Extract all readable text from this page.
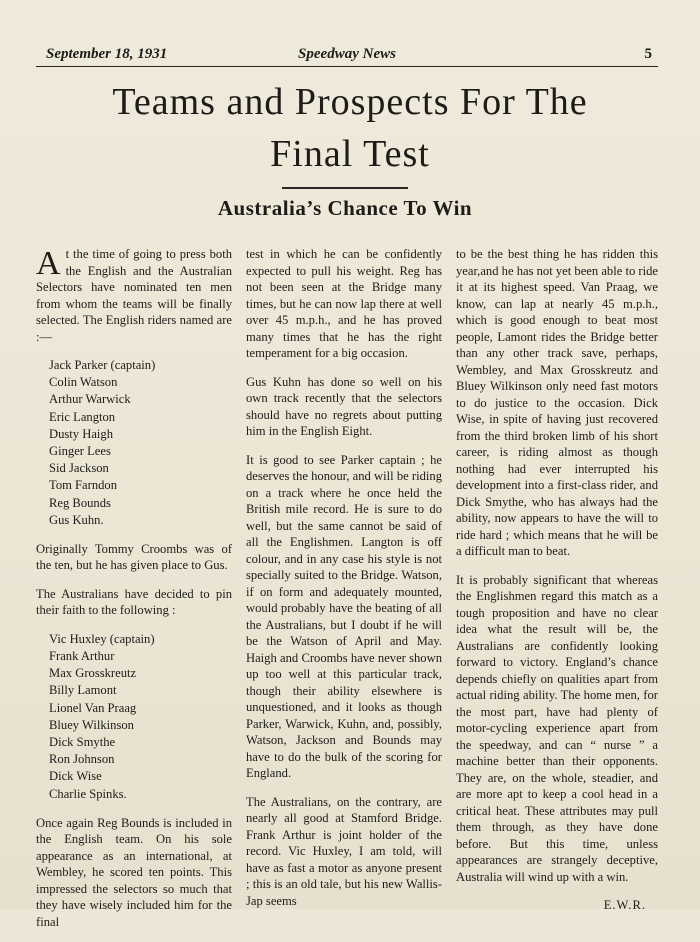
September 18, 1931	Speedway News	5
Teams and Prospects For The
Final Test
Australia’s Chance To Win

At the time of going to press both the English and the Australian Selectors have nominated ten men from whom the teams will be finally selected. The English riders named are :—

Jack Parker (captain)
Colin Watson
Arthur Warwick
Eric Langton
Dusty Haigh
Ginger Lees
Sid Jackson
Tom Farndon
Reg Bounds
Gus Kuhn.

Originally Tommy Croombs was of the ten, but he has given place to Gus.

The Australians have decided to pin their faith to the following :

Vic Huxley (captain)
Frank Arthur
Max Grosskreutz
Billy Lamont
Lionel Van Praag
Bluey Wilkinson
Dick Smythe
Ron Johnson
Dick Wise
Charlie Spinks.

Once again Reg Bounds is included in the English team. On his sole appearance as an international, at Wembley, he scored ten points. This impressed the selectors so much that they have wisely included him for the final

test in which he can be confidently expected to pull his weight. Reg has not been seen at the Bridge many times, but he can now lap there at well over 45 m.p.h., and he has proved many times that he has the right temperament for a big occasion.

Gus Kuhn has done so well on his own track recently that the selectors should have no regrets about putting him in the English Eight.

It is good to see Parker captain ; he deserves the honour, and will be riding on a track where he once held the British mile record. He is sure to do well, but the same cannot be said of all the Englishmen. Langton is off colour, and in any case his style is not specially suited to the Bridge. Watson, if on form and adequately mounted, would probably have the beating of all the Australians, but I doubt if he will be the Watson of April and May. Haigh and Croombs have never shown up too well at this particular track, though their ability elsewhere is unquestioned, and it looks as though Parker, Warwick, Kuhn, and, possibly, Watson, Jackson and Bounds may have to do the bulk of the scoring for England.

The Australians, on the contrary, are nearly all good at Stamford Bridge. Frank Arthur is joint holder of the record. Vic Huxley, I am told, will have as fast a motor as anyone present ; this is an old tale, but his new Wallis-Jap seems

to be the best thing he has ridden this year,and he has not yet been able to ride it at its highest speed. Van Praag, we know, can lap at nearly 45 m.p.h., which is good enough to beat most people, Lamont rides the Bridge better than any other track save, perhaps, Wembley, and Max Grosskreutz and Bluey Wilkinson only need fast motors to do justice to the occasion. Dick Wise, in spite of having just recovered from the third broken limb of his short career, is riding almost as though nothing had ever interrupted his development into a first-class rider, and Dick Smythe, who has always had the ability, now appears to have the will to ride hard ; which means that he will be a difficult man to beat.

It is probably significant that whereas the Englishmen regard this match as a tough proposition and have no clear idea what the result will be, the Australians are confidently looking forward to victory. England’s chance depends chiefly on qualities apart from actual riding ability. The home men, for the most part, have had plenty of motor-cycling experience apart from the speedway, and can “ nurse ” a machine better than their opponents. They are, on the whole, steadier, and are more apt to keep a cool head in a critical heat. These attributes may pull them through, as they have done before. But this time, unless appearances are strangely deceptive, Australia will wind up with a win.

E.W.R.
